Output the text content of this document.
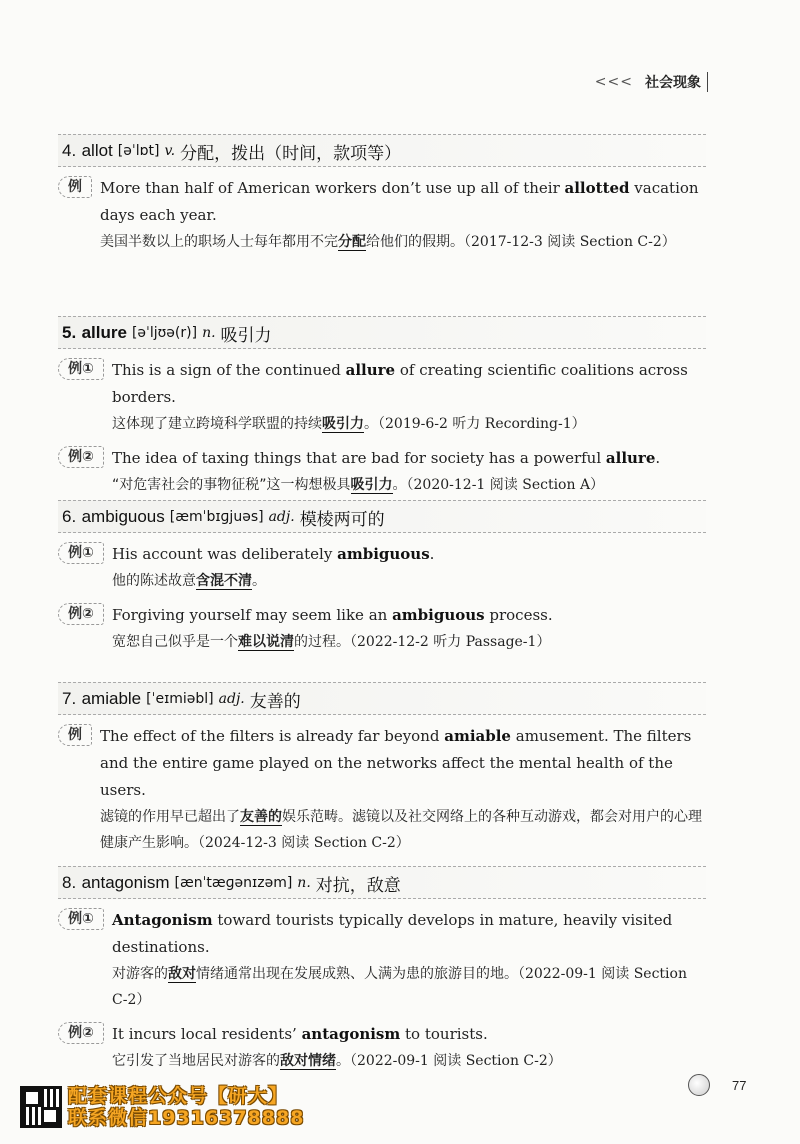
<<< 社会现象
4.
allot [əˈlɒt] v. 分配，拨出（时间，款项等）
例	More than half of American workers don’t use up all of their allotted vacation days each year.
美国半数以上的职场人士每年都用不完分配给他们的假期。（2017-12-3 阅读 Section C-2）
5.
allure [əˈljʊə(r)] n. 吸引力
例①	This is a sign of the continued allure of creating scientific coalitions across borders.
这体现了建立跨境科学联盟的持续吸引力。（2019-6-2 听力 Recording-1）
例②	The idea of taxing things that are bad for society has a powerful allure.
“对危害社会的事物征税”这一构想极具吸引力。（2020-12-1 阅读 Section A）
6.
ambiguous [æmˈbɪɡjuəs] adj. 模棱两可的
例①	His account was deliberately ambiguous.
他的陈述故意含混不清。
例②	Forgiving yourself may seem like an ambiguous process.
宽恕自己似乎是一个难以说清的过程。（2022-12-2 听力 Passage-1）
7.
amiable [ˈeɪmiəbl] adj. 友善的
例	The effect of the filters is already far beyond amiable amusement. The filters and the entire game played on the networks affect the mental health of the users.
滤镜的作用早已超出了友善的娱乐范畴。滤镜以及社交网络上的各种互动游戏，都会对用户的心理健康产生影响。（2024-12-3 阅读 Section C-2）
8.
antagonism [ænˈtæɡənɪzəm] n. 对抗，敌意
例①	Antagonism toward tourists typically develops in mature, heavily visited destinations.
对游客的敌对情绪通常出现在发展成熟、人满为患的旅游目的地。（2022-09-1 阅读 Section C-2）
例②	It incurs local residents’ antagonism to tourists.
它引发了当地居民对游客的敌对情绪。（2022-09-1 阅读 Section C-2）
77
配套课程公众号【研大】
联系微信19316378888
